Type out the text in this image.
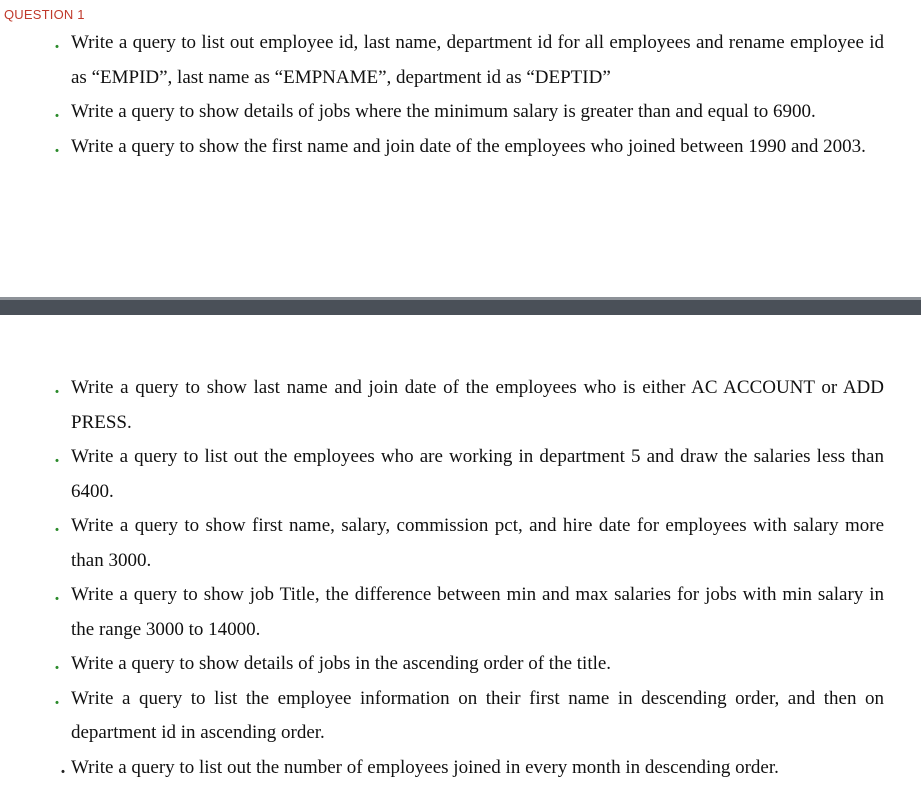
QUESTION 1
. Write a query to list out employee id, last name, department id for all employees and rename employee id as “EMPID”, last name as “EMPNAME”, department id as “DEPTID”
. Write a query to show details of jobs where the minimum salary is greater than and equal to 6900.
. Write a query to show the first name and join date of the employees who joined between 1990 and 2003.
. Write a query to show last name and join date of the employees who is either AC ACCOUNT or ADD PRESS.
. Write a query to list out the employees who are working in department 5 and draw the salaries less than 6400.
. Write a query to show first name, salary, commission pct, and hire date for employees with salary more than 3000.
. Write a query to show job Title, the difference between min and max salaries for jobs with min salary in the range 3000 to 14000.
. Write a query to show details of jobs in the ascending order of the title.
. Write a query to list the employee information on their first name in descending order, and then on department id in ascending order.
. Write a query to list out the number of employees joined in every month in descending order.
